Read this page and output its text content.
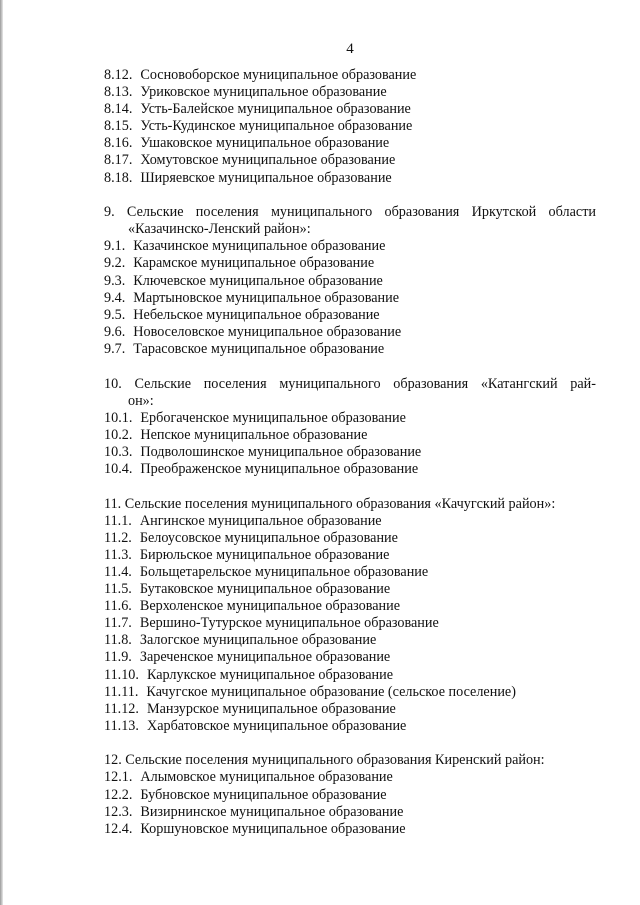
4
8.12. Сосновоборское муниципальное образование
8.13. Уриковское муниципальное образование
8.14. Усть-Балейское муниципальное образование
8.15. Усть-Кудинское муниципальное образование
8.16. Ушаковское муниципальное образование
8.17. Хомутовское муниципальное образование
8.18. Ширяевское муниципальное образование
9. Сельские поселения муниципального образования Иркутской области
«Казачинско-Ленский район»:
9.1. Казачинское муниципальное образование
9.2. Карамское муниципальное образование
9.3. Ключевское муниципальное образование
9.4. Мартыновское муниципальное образование
9.5. Небельское муниципальное образование
9.6. Новоселовское муниципальное образование
9.7. Тарасовское муниципальное образование
10. Сельские поселения муниципального образования «Катангский рай-
он»:
10.1. Ербогаченское муниципальное образование
10.2. Непское муниципальное образование
10.3. Подволошинское муниципальное образование
10.4. Преображенское муниципальное образование
11. Сельские поселения муниципального образования «Качугский район»:
11.1. Ангинское муниципальное образование
11.2. Белоусовское муниципальное образование
11.3. Бирюльское муниципальное образование
11.4. Больщетарельское муниципальное образование
11.5. Бутаковское муниципальное образование
11.6. Верхоленское муниципальное образование
11.7. Вершино-Тутурское муниципальное образование
11.8. Залогское муниципальное образование
11.9. Зареченское муниципальное образование
11.10. Карлукское муниципальное образование
11.11. Качугское муниципальное образование (сельское поселение)
11.12. Манзурское муниципальное образование
11.13. Харбатовское муниципальное образование
12. Сельские поселения муниципального образования Киренский район:
12.1. Алымовское муниципальное образование
12.2. Бубновское муниципальное образование
12.3. Визирнинское муниципальное образование
12.4. Коршуновское муниципальное образование
